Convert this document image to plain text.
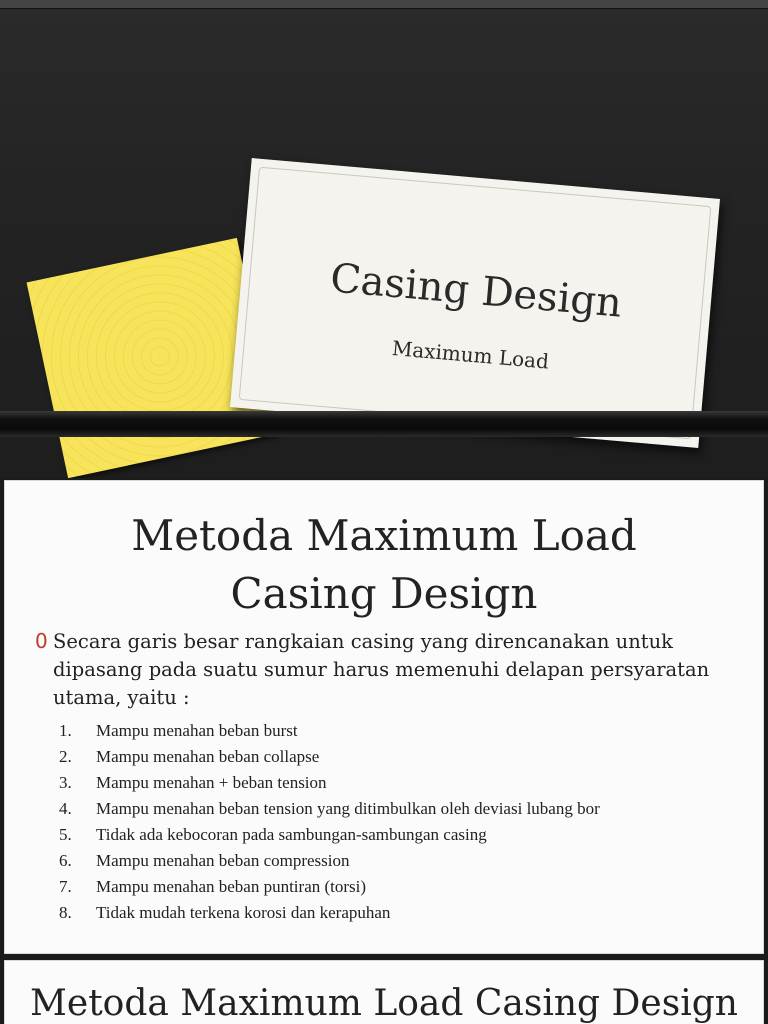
Casing Design
Maximum Load
Metoda Maximum Load
Casing Design
0 Secara garis besar rangkaian casing yang direncanakan untuk dipasang pada suatu sumur harus memenuhi delapan persyaratan utama, yaitu :

1.	Mampu menahan beban burst
2.	Mampu menahan beban collapse
3.	Mampu menahan + beban tension
4.	Mampu menahan beban tension yang ditimbulkan oleh deviasi lubang bor
5.	Tidak ada kebocoran pada sambungan-sambungan casing
6.	Mampu menahan beban compression
7.	Mampu menahan beban puntiran (torsi)
8.	Tidak mudah terkena korosi dan kerapuhan
Metoda Maximum Load Casing Design
